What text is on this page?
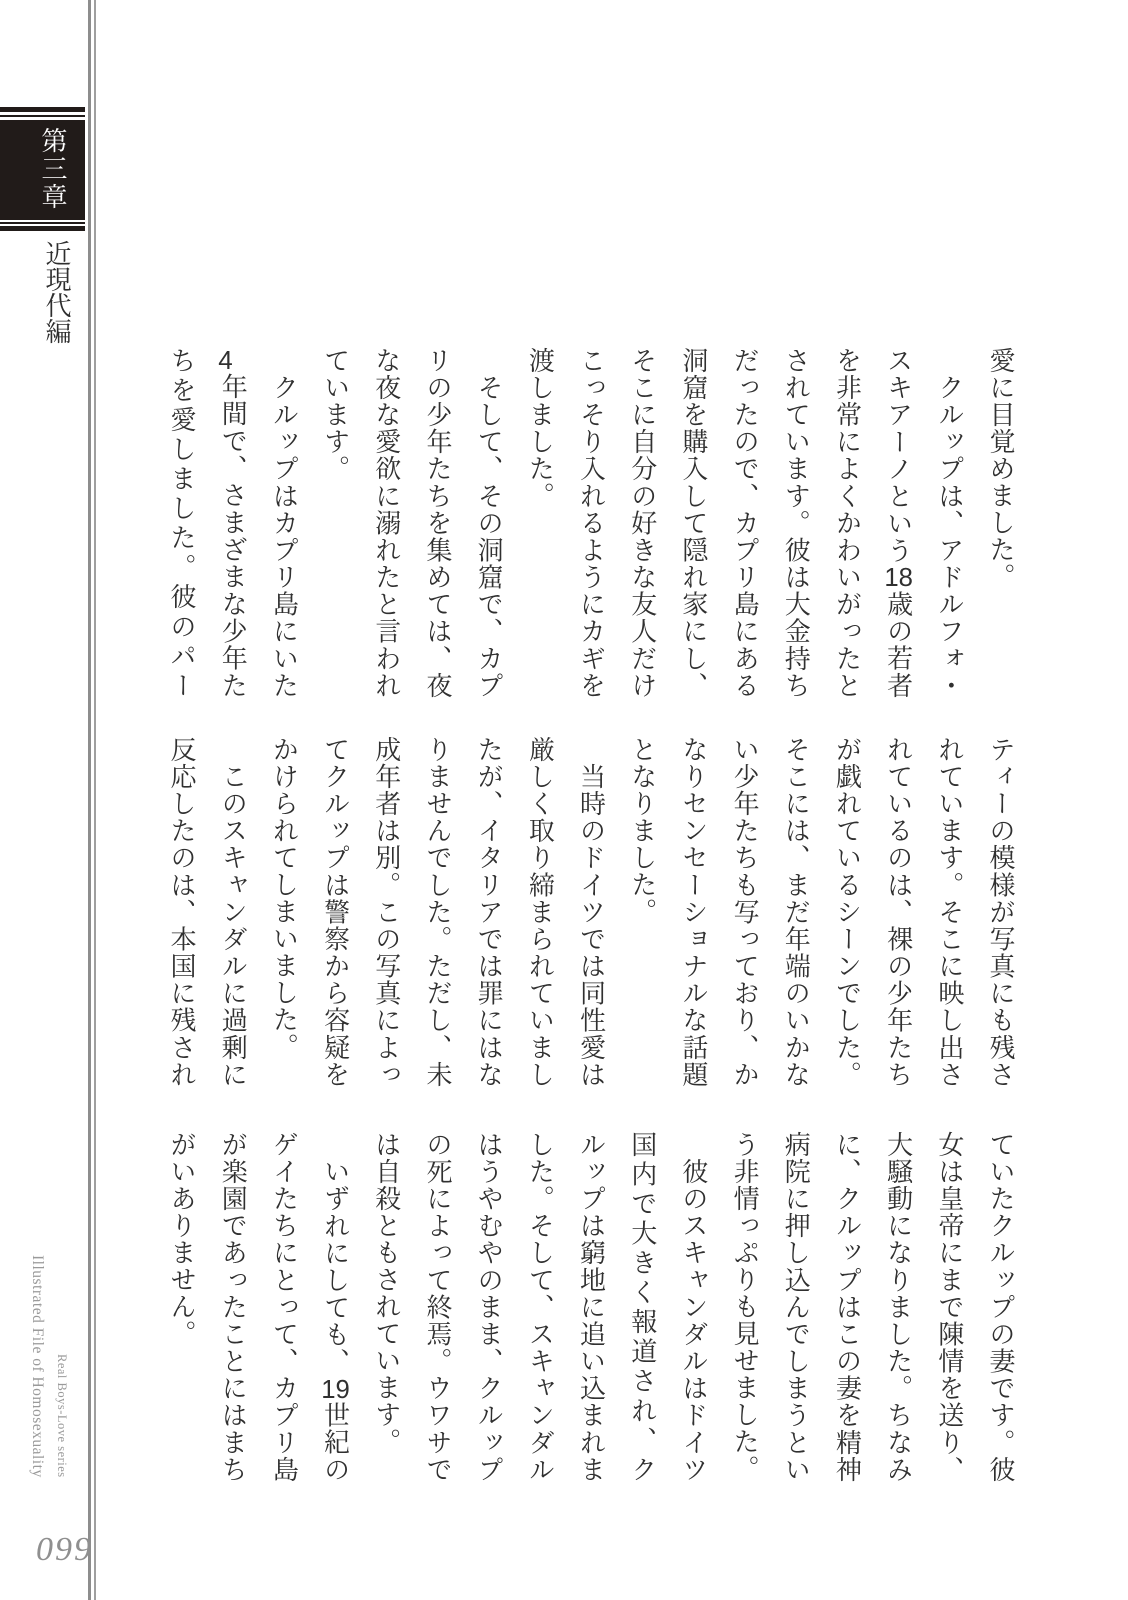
第三章
近現代編
愛に目覚めました。
　クルップは、アドルフォ・
スキアーノという18歳の若者
を非常によくかわいがったと
されています。彼は大金持ち
だったので、カプリ島にある
洞窟を購入して隠れ家にし、
そこに自分の好きな友人だけ
こっそり入れるようにカギを
渡しました。
　そして、その洞窟で、カプ
リの少年たちを集めては、夜
な夜な愛欲に溺れたと言われ
ています。
　クルップはカプリ島にいた
4年間で、さまざまな少年た
ちを愛しました。彼のパー
ティーの模様が写真にも残さ
れています。そこに映し出さ
れているのは、裸の少年たち
が戯れているシーンでした。
そこには、まだ年端のいかな
い少年たちも写っており、か
なりセンセーショナルな話題
となりました。
　当時のドイツでは同性愛は
厳しく取り締まられていまし
たが、イタリアでは罪にはな
りませんでした。ただし、未
成年者は別。この写真によっ
てクルップは警察から容疑を
かけられてしまいました。
　このスキャンダルに過剰に
反応したのは、本国に残され
ていたクルップの妻です。彼
女は皇帝にまで陳情を送り、
大騒動になりました。ちなみ
に、クルップはこの妻を精神
病院に押し込んでしまうとい
う非情っぷりも見せました。
　彼のスキャンダルはドイツ
国内で大きく報道され、ク
ルップは窮地に追い込まれま
した。そして、スキャンダル
はうやむやのまま、クルップ
の死によって終焉。ウワサで
は自殺ともされています。
　いずれにしても、19世紀の
ゲイたちにとって、カプリ島
が楽園であったことにはまち
がいありません。
Real Boys-Love series
Illustrated File of Homosexuality
099
